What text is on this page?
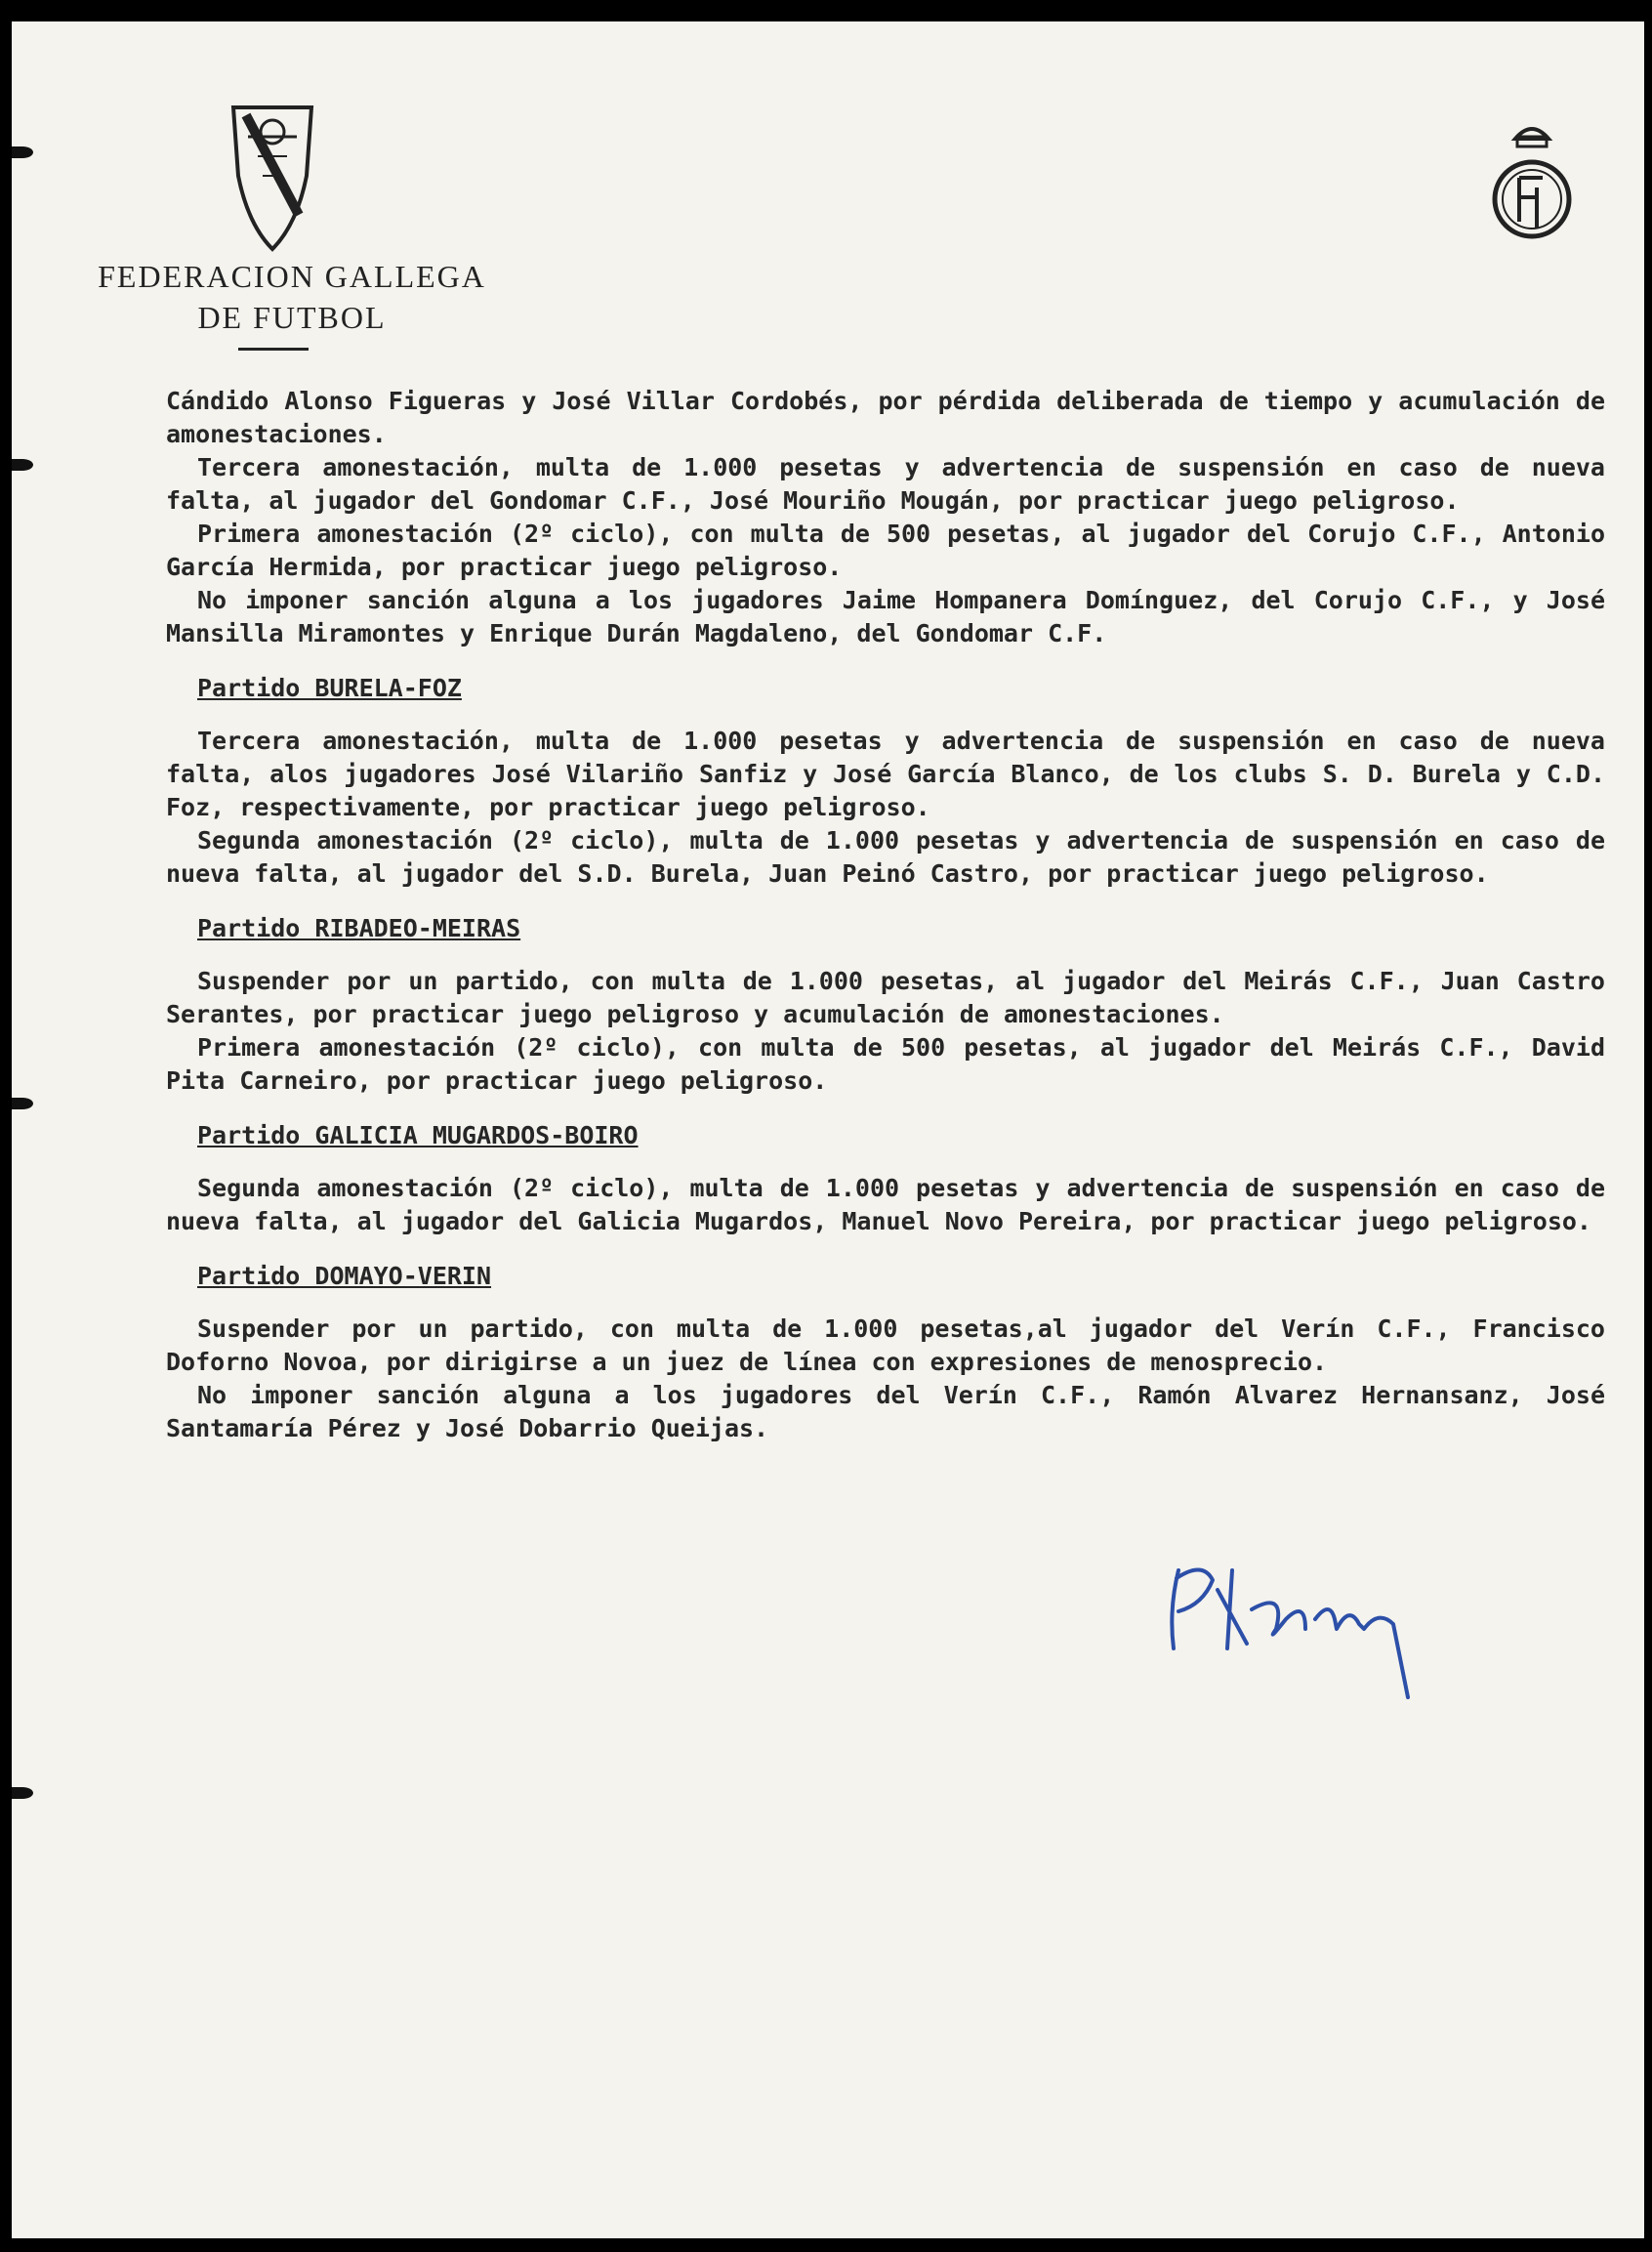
FEDERACION GALLEGA
DE FUTBOL

Cándido Alonso Figueras y José Villar Cordobés, por pérdida deliberada de tiempo y acumulación de amonestaciones.

Tercera amonestación, multa de 1.000 pesetas y advertencia de suspensión en caso de nueva falta, al jugador del Gondomar C.F., José Mouriño Mougán, por practicar juego peligroso.

Primera amonestación (2º ciclo), con multa de 500 pesetas, al jugador del Corujo C.F., Antonio García Hermida, por practicar juego peligroso.

No imponer sanción alguna a los jugadores Jaime Hompanera Domínguez, del Corujo C.F., y José Mansilla Miramontes y Enrique Durán Magdaleno, del Gondomar C.F.

Partido BURELA-FOZ

Tercera amonestación, multa de 1.000 pesetas y advertencia de suspensión en caso de nueva falta, alos jugadores José Vilariño Sanfiz y José García Blanco, de los clubs S. D. Burela y C.D. Foz, respectivamente, por practicar juego peligroso.

Segunda amonestación (2º ciclo), multa de 1.000 pesetas y advertencia de suspensión en caso de nueva falta, al jugador del S.D. Burela, Juan Peinó Castro, por practicar juego peligroso.

Partido RIBADEO-MEIRAS

Suspender por un partido, con multa de 1.000 pesetas, al jugador del Meirás C.F., Juan Castro Serantes, por practicar juego peligroso y acumulación de amonestaciones.

Primera amonestación (2º ciclo), con multa de 500 pesetas, al jugador del Meirás C.F., David Pita Carneiro, por practicar juego peligroso.

Partido GALICIA MUGARDOS-BOIRO

Segunda amonestación (2º ciclo), multa de 1.000 pesetas y advertencia de suspensión en caso de nueva falta, al jugador del Galicia Mugardos, Manuel Novo Pereira, por practicar juego peligroso.

Partido DOMAYO-VERIN

Suspender por un partido, con multa de 1.000 pesetas,al jugador del Verín C.F., Francisco Doforno Novoa, por dirigirse a un juez de línea con expresiones de menosprecio.

No imponer sanción alguna a los jugadores del Verín C.F., Ramón Alvarez Hernansanz, José Santamaría Pérez y José Dobarrio Queijas.
